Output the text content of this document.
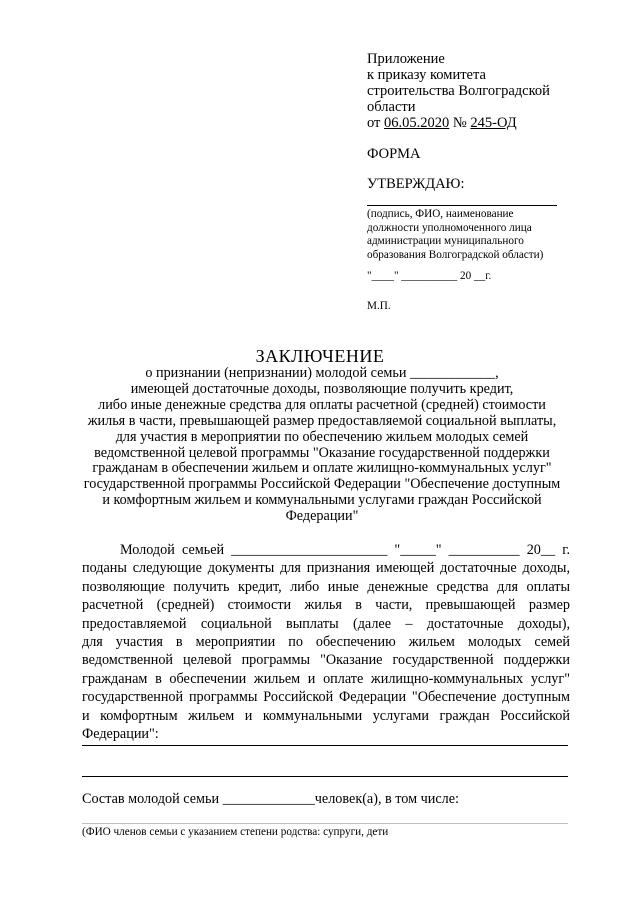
Приложение
к приказу комитета
строительства Волгоградской
области
от 06.05.2020 № 245-ОД
ФОРМА
УТВЕРЖДАЮ:
(подпись, ФИО, наименование
должности уполномоченного лица
администрации муниципального
образования Волгоградской области)
"____" __________ 20 __г.
М.П.
ЗАКЛЮЧЕНИЕ
о признании (непризнании) молодой семьи ____________,
имеющей достаточные доходы, позволяющие получить кредит,
либо иные денежные средства для оплаты расчетной (средней) стоимости
жилья в части, превышающей размер предоставляемой социальной выплаты,
для участия в мероприятии по обеспечению жильем молодых семей
ведомственной целевой программы "Оказание государственной поддержки
гражданам в обеспечении жильем и оплате жилищно-коммунальных услуг"
государственной программы Российской Федерации "Обеспечение доступным
и комфортным жильем и коммунальными услугами граждан Российской
Федерации"
Молодой семьей ______________________ "_____" __________ 20__ г.
поданы следующие документы для признания имеющей достаточные доходы,
позволяющие получить кредит, либо иные денежные средства для оплаты
расчетной (средней) стоимости жилья в части, превышающей размер
предоставляемой социальной выплаты (далее – достаточные доходы),
для участия в мероприятии по обеспечению жильем молодых семей
ведомственной целевой программы "Оказание государственной поддержки
гражданам в обеспечении жильем и оплате жилищно-коммунальных услуг"
государственной программы Российской Федерации "Обеспечение доступным
и комфортным жильем и коммунальными услугами граждан Российской
Федерации":
Состав молодой семьи _____________человек(а), в том числе:
(ФИО членов семьи с указанием степени родства: супруги, дети
